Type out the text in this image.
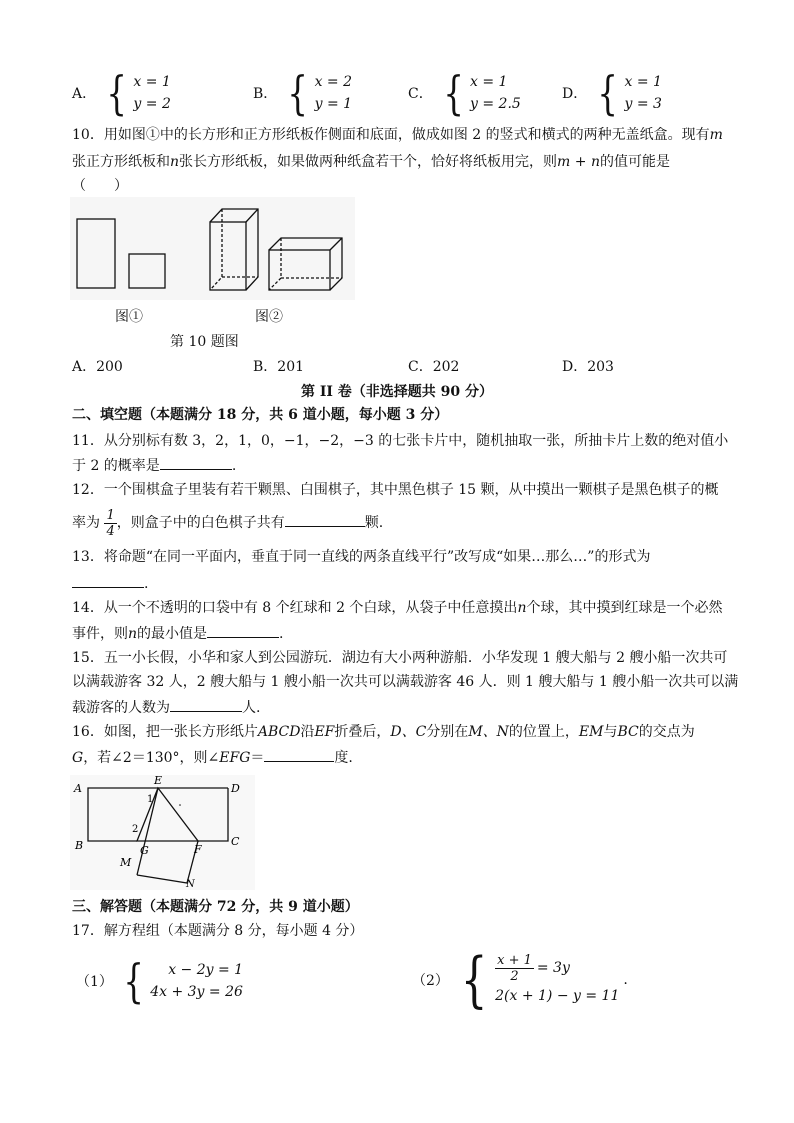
A． { x = 1
y = 2
B． { x = 2
y = 1
C． { x = 1
y = 2.5
D． { x = 1
y = 3
10．用如图①中的长方形和正方形纸板作侧面和底面，做成如图 2 的竖式和横式的两种无盖纸盒。现有m
张正方形纸板和n张长方形纸板，如果做两种纸盒若干个，恰好将纸板用完，则m + n的值可能是
（　　）
图①	图②
第 10 题图
A．200	B．201	C．202	D．203
第 II 卷（非选择题共 90 分）
二、填空题（本题满分 18 分，共 6 道小题，每小题 3 分）
11．从分别标有数 3，2，1，0，−1，−2，−3 的七张卡片中，随机抽取一张，所抽卡片上数的绝对值小
于 2 的概率是	.
12．一个围棋盒子里装有若干颗黑、白围棋子，其中黑色棋子 15 颗，从中摸出一颗棋子是黑色棋子的概
率为 $\frac{1}{4}$ ，则盒子中的白色棋子共有	颗.
13．将命题“在同一平面内，垂直于同一直线的两条直线平行”改写成“如果…那么…”的形式为
.
14．从一个不透明的口袋中有 8 个红球和 2 个白球，从袋子中任意摸出n个球，其中摸到红球是一个必然
事件，则n的最小值是	.
15．五一小长假，小华和家人到公园游玩．湖边有大小两种游船．小华发现 1 艘大船与 2 艘小船一次共可
以满载游客 32 人，2 艘大船与 1 艘小船一次共可以满载游客 46 人．则 1 艘大船与 1 艘小船一次共可以满
载游客的人数为	人.
16．如图，把一张长方形纸片ABCD沿EF折叠后，D、C分别在M、N的位置上，EM与BC的交点为
G，若∠2＝130°，则∠EFG＝	度.
A	D
E
B	C
G	F
M
N
1
2
三、解答题（本题满分 72 分，共 9 道小题）
17．解方程组（本题满分 8 分，每小题 4 分）
（1） {	x − 2y = 1
4x + 3y = 26
（2） { $\frac{x + 1}{2} = 3y$
2(x + 1) − y = 11
.
